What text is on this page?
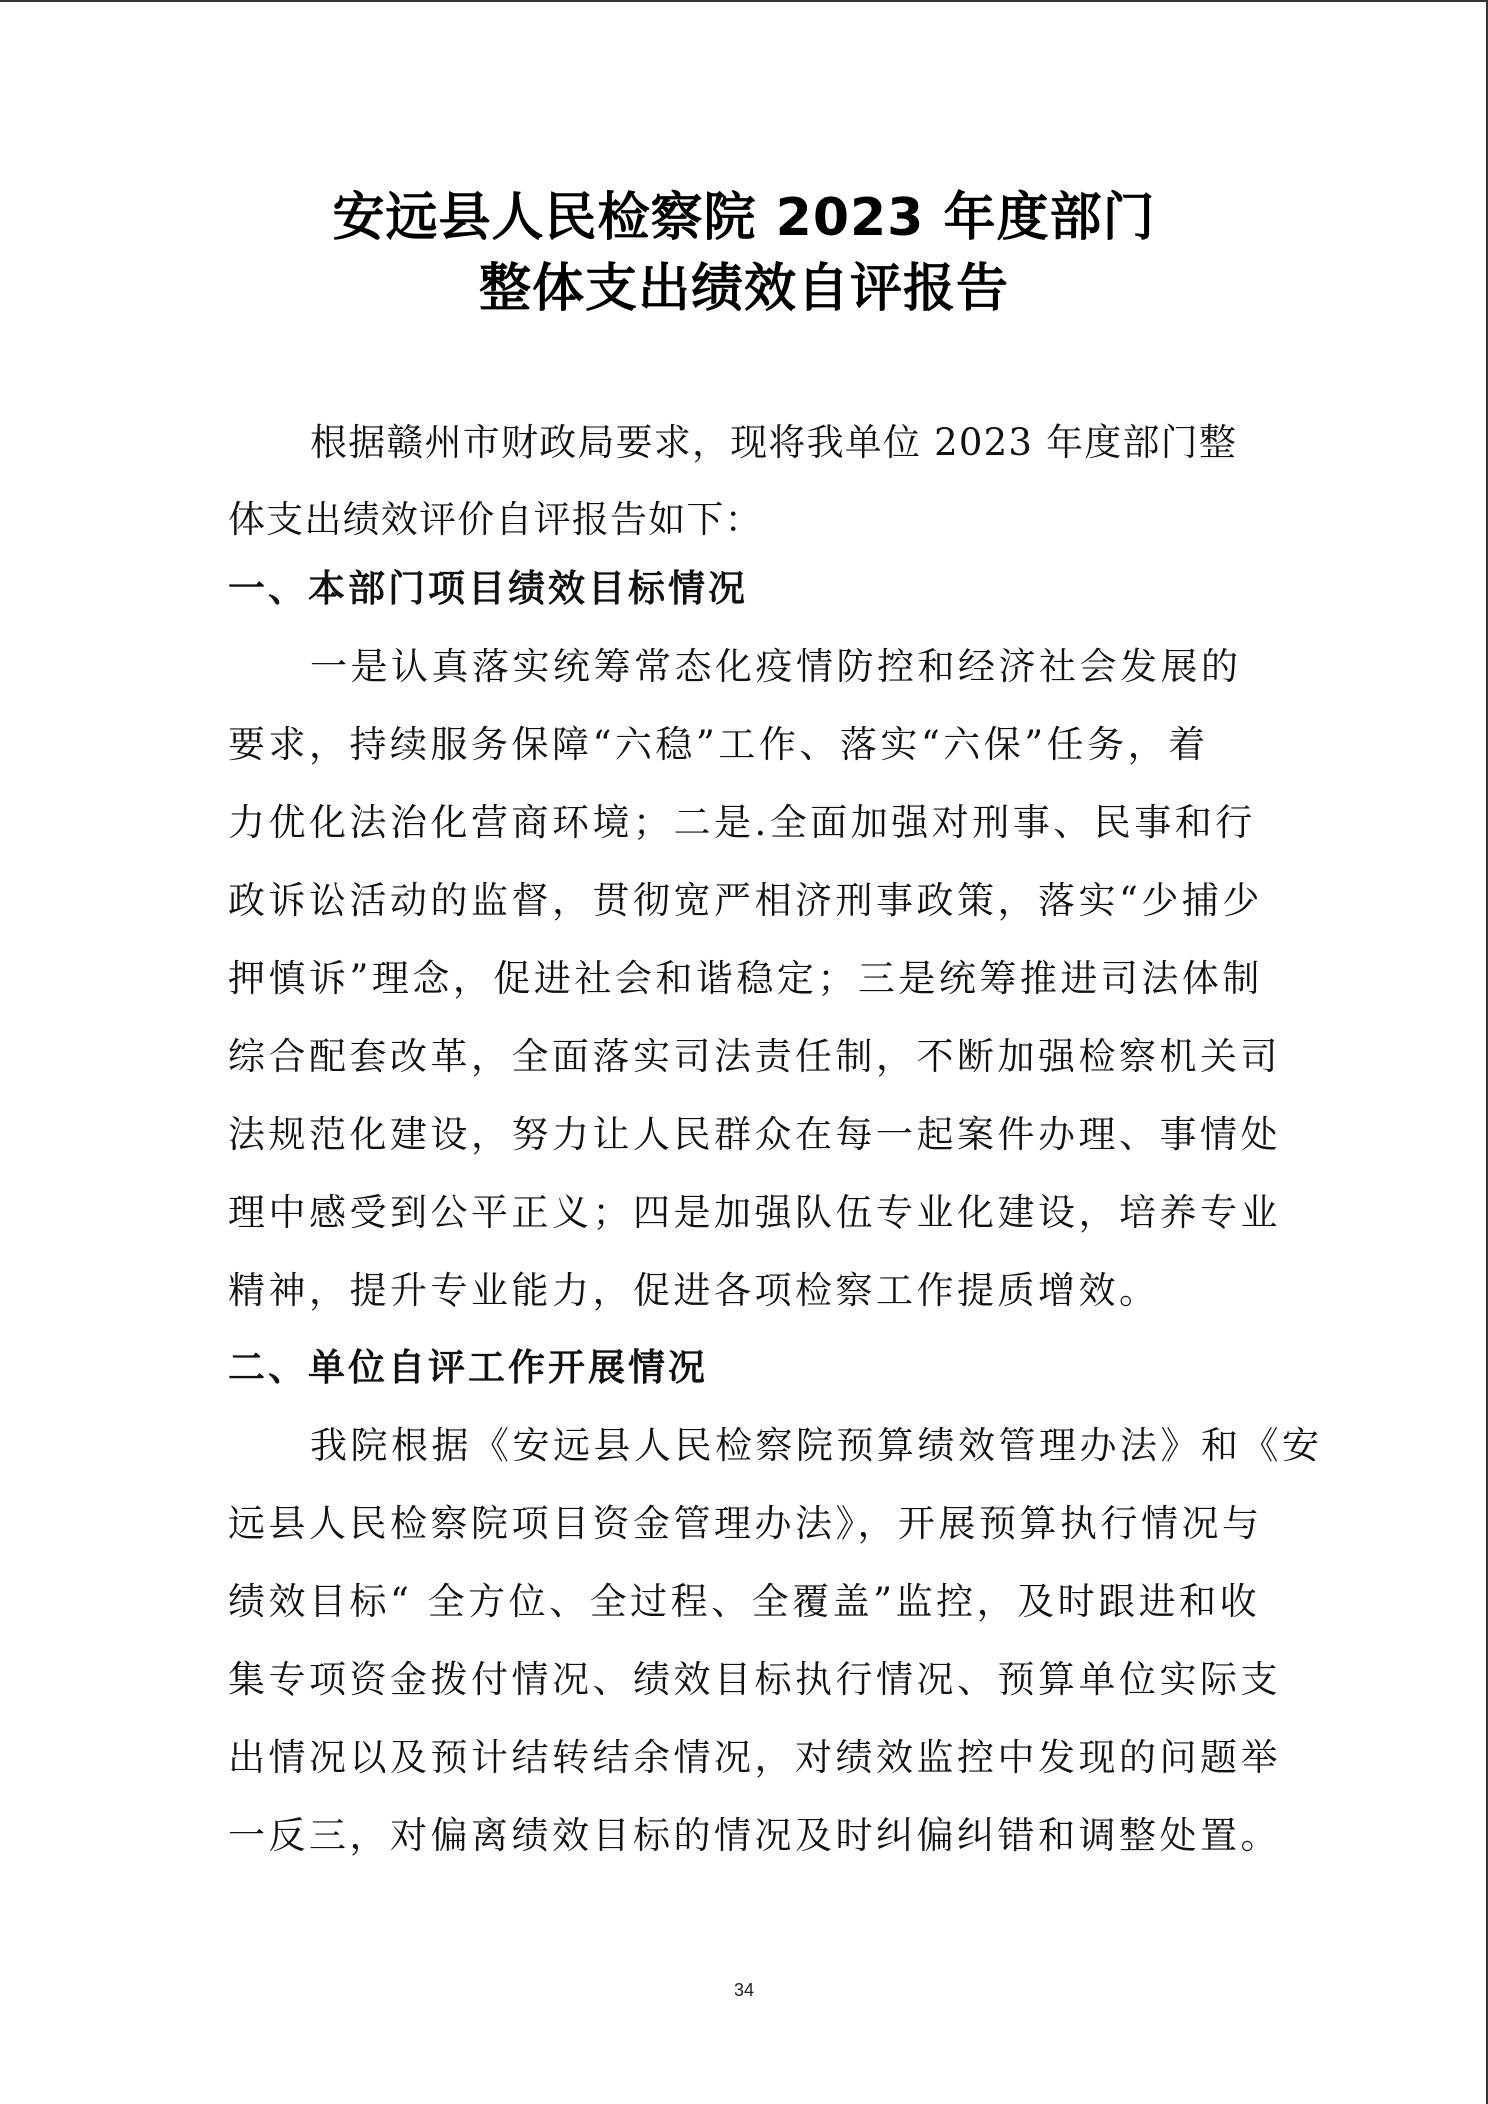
安远县人民检察院 2023 年度部门
整体支出绩效自评报告
根据赣州市财政局要求，现将我单位 2023 年度部门整
体支出绩效评价自评报告如下：
一、本部门项目绩效目标情况
一是认真落实统筹常态化疫情防控和经济社会发展的
要求，持续服务保障“六稳”工作、落实“六保”任务，着
力优化法治化营商环境；二是.全面加强对刑事、民事和行
政诉讼活动的监督，贯彻宽严相济刑事政策，落实“少捕少
押慎诉”理念，促进社会和谐稳定；三是统筹推进司法体制
综合配套改革，全面落实司法责任制，不断加强检察机关司
法规范化建设，努力让人民群众在每一起案件办理、事情处
理中感受到公平正义；四是加强队伍专业化建设，培养专业
精神，提升专业能力，促进各项检察工作提质增效。
二、单位自评工作开展情况
我院根据《安远县人民检察院预算绩效管理办法》和《安
远县人民检察院项目资金管理办法》，开展预算执行情况与
绩效目标“ 全方位、全过程、全覆盖”监控，及时跟进和收
集专项资金拨付情况、绩效目标执行情况、预算单位实际支
出情况以及预计结转结余情况，对绩效监控中发现的问题举
一反三，对偏离绩效目标的情况及时纠偏纠错和调整处置。
34
